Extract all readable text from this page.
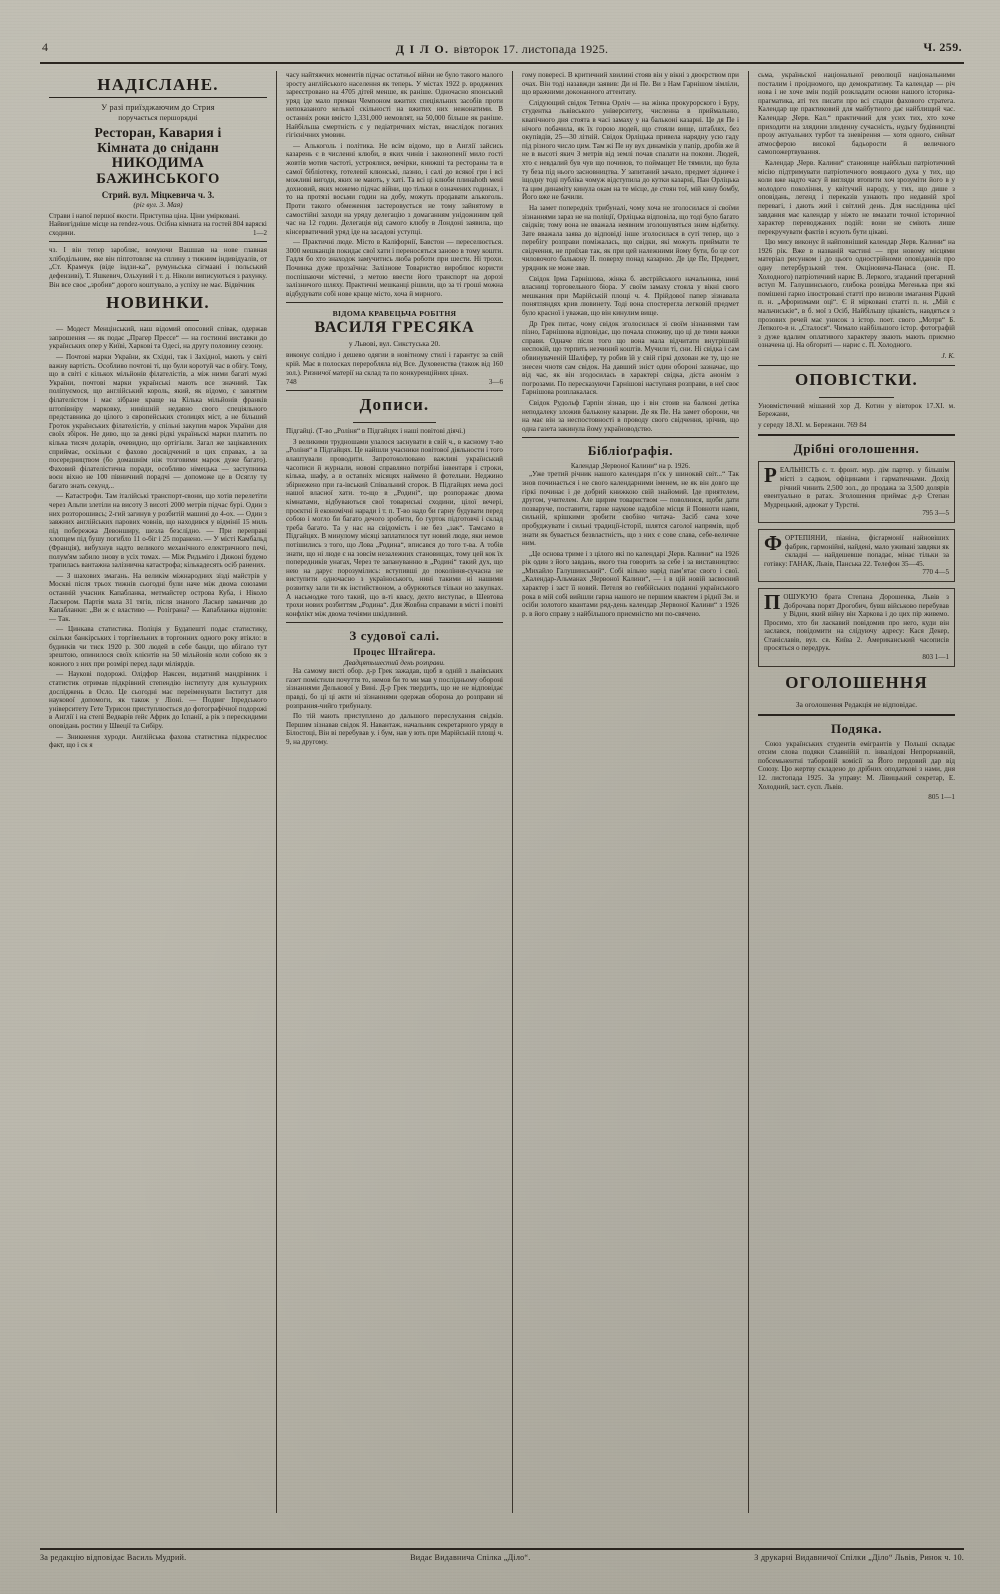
4	Д І Л О. вівторок 17. листопада 1925.	Ч. 259.
НАДІСЛАНЕ.
У разі приїзджаючим до Стрия
поручається першорядні
Ресторан, Кавария і
Кімната до сніданн
НИКОДИМА БАЖИНСЬКОГО
Стрий. вул. Міцкевича ч. 3.
(ріг вул. 3. Мая)
Страви і напої першої якости. Приступна ціна. Ціни умірковані. Найвигідніше місце на rendez-vous. Осібна кімната на гостей 804 варяскі сходини.	1—2

чз. І він тепер заробляє, вомуючи Вашшав на нове главная хлібодільним, яке він піпготовляє на сплину з тижним індивідуалів, от „Ст. Крамчук (віде індзи-ка”, румуньська сігмаані і польський дефензиві), Т. Яшкевич, Ольхувий і т. д. Ніколи виписуються з рахунку. Він все своє „зробив“ дорого коштувало, а успіху не має. Відвічник

НОВИНКИ.

— Модест Менцінський, наш відомий опосовий співак, одержав запрошення — як подає „Прагер Пресcе“ — на гостинні виставки до українських опер у Київі, Харкові та Одесі, на другу половину сезону.

— Почтові марки України, як Східні, так і Західної, мають у світі важну вартість. Особливо почтові ті, що були коротуй час в обігу. Тому, що в світі є кількох мільйонів філателістів, а між ними багаті мужі України, почтові марки українські мають все значний. Так поліпуємося, що англійський король, який, як відомо, є завзятим філателістом і має зібране краще на Кілька мільйонів франків штопівніру марковку, нинішній недавно свого спеціяльного представника до цілого з європейських столицях міст, а не більший Гроток українських філателістів, у спільні закупив марок України для своїх збірок. Не диво, що за деякі рідкі україньскі марки платить по кілька тисяч доларів, очевидно, що ортігіали. Загал же зацікавлених сприймає, оскільки є фахово досвідчений в цих справах, а за посередництвом (бо домашнім ніж тозговими марок дуже багато). Фаховий філателістична поради, особливо німецька — заступника воєн віхно не 100 півничний порадчі — допоможе це в Осяглу ту багато знать секунд...

— Катастрофи. Там італійські транспорт-євони, що хотів перелетіти через Альпи злетіли на висоту 3 висоті 2000 метрів підчас бурі. Один з них розторошивсь; 2-гий загинув у розбитій машині до 4-ох. — Один з завжних англійських парових човнів, що находився у відмінії 15 миль під побережжа Девонширу, шезла безслідно. — При переправі хлопцем під бушу погибло 11 о-біг і 25 поранено. — У місті Камбальд (Франція), вибухнув надто великого механічного електричного печі, полум'ям забило знову в усіх томах. — Між Ридьміго і Дижоні будемо трапилась вантажна залізнична катастрофа; кількадесять осіб ранених.

— З шахових змагань. На великім міжнародних зізді майстрів у Москві після трьох тижнів сьогодні були наче між двома союзами останній учасник Капабланка, метмайстер острова Куба, і Ніколо Ласкером. Партія мала 31 тягів, після знаного Ласкер заманчив до Капабланки: „Ви ж є властиво — Розіграна? — Капабланка відповів: — Так.

— Цинкава статистика. Поліція у Будапешті подає статистику, скільки банкірських і торгівельних в торгонних одного року втікло: в будинків чи тиск 1920 р. 300 людей в себе банди, що вбігало тут зрештою, опинилося своїх клієнтів на 50 мільйонів коли собою як з кожного з них при розмірі перед лади міліярдів.

— Наукові подорожі. Олідфор Наксен, видатний мандрівник і статистик отримав підкрівний степендію інституту для культурних досліджень в Осло. Це сьогодні має переіменувати Інститут для наукової допомоги, як також у Ліоні. — Подвиг Іпредського університету Гете Турисон приступлюється до фотографічної подорожі в Англії і на степі Ведварів ґейє Африк до Іспанії, а рік з перескидими оповідань ростин у Швеції та Сибіру.

— Зникнення хуроди. Англійська фахова статистика підкреслює факт, що і ск я

часу найтяжчих моментів підчас остатньої війни не було такого малого зросту англійського населення як теперь. У містах 1922 р. вроджених зареєстровано на 4705 дітей меншe, як раніше. Одночасно японський уряд іде мало приман Чемnоном вжитих спеціяльних засобів проти непоказаного келької скільності на вжитих них нежонатими. В останніх роки вмісто 1,331,000 немовлят, на 50,000 більше як раніше. Найбільша смертність є у педіатричних містах, внаслідок поганих гігієнічних умовин.

— Алькоголь і політика. Не всім відомо, що в Англії зайсись казарень є в численні клюби, в яких чинів і законопенії мило гості жовтів мотив частоті, устроялися, вечірки, книжші та рестораны та в самої бібліотеку, готелевії клюнські, лазню, і салі до всякої гри і всі можливі вигоди, яких не мають, у хаті. Та всі ці клюби плинаhoth мені дохновий, яких можемо підчас війни, що тільки в означених годинах, і то на протязі восьми годин на добу, можуть продавати алькоголь. Проти такого обмеження застеровується не тому зайнятому в самостійні заходи на уряду делегацію з домаганням унiдожиним цей час на 12 годин. Делегація від самого клюбу в Лондоні заявила, що кінсерватичний уряд іде на засадові уступці.

— Практичні люде. Місто в Каліфорнії, Бавстон — переселюється. 3000 мешканців покидає свої хати і переносяться заново в тому кошти. Гадля бо хто знаходок замучитись люба роботи при шести. Ні трохи. Починка дуже прозаїчна: Залізнове Товариство вироблює користи поспішаючи містечні, з метою ввести його транспорт на дорозі залізничого шляху. Практичні мешканці рішили, що за ті гроші можна відбудувати собі нове краще місто, хоча й мирного.

ВІДОМА КРАВЕЦЬЧА РОБІТНЯ
ВАСИЛЯ ГРЕСЯКА
у Львові, вул. Сикстуська 20.
виконує солідно і дешево одягии в новітному стилі і гарантує за свій крій. Має в полосках переробляла від Bсe. Духовенства (також від 160 зол.). Ризничої матерії на склад та по конкуренційних цінах.
748	3—6
Дописи.

Підгайці. (Т-во „Роліня“ в Підгайцях і наші повітові діячі.)

З великими трудношами улалося заснувати в свій ч., в касному т-во „Роліня“ в Підгайцях. Це найшли учасники повітової діяльности і того влаштували проводити. Запротоколювано важливі український часописи й журнали, новові справляно потрібні інвентаря і строки, кілька, шафу, а в остаnніх місяцях наймено й фотельни. Неджино збірнежено при га-івський Співальний сгорок. В Підгайцях нема досі нашої власної хати. то-що в „Родині“, що розпоражає двома кімнатами, відбуваються свої товариські сходини, цілої вечері, проєктні й економічні наради і т. п. Т-во надо би гарну будувати перед собою і могло би багато дечого зробити, бо гурток підготовчі і склад треба багато. Та у нас на свідомість і не без „зак“. Тамсамо в Підгайцях. В минулому місяці заплатилося тут новий люде, яки немов потішились з того, що Лова „Родина“, вписався до того т-ва. А тобів знати, що ні люде є на зовсім незалежних становищах, тому цей кок їх попередників унагах, Через те запануванню в „Родині“ такий дух, що нею на дарує порозумілись: вступивші до покоління-сучасна не виступити одночасно з україноського, нині такими ні нашими розвитку зали ти як інстийствоном, а обурюються тільки но закупках. А насьмодже того такий, що в-ті квасу, дехто виступає, в Шевтова трохи нових розбиттям „Родина“. Для Жовбна справами в місті і повіті конфлікт між двома течіями шкідливий.

З судової салі.
Процес Штайгера.
Двадцятьшестий день розправи.

На самому висті обор. д-р Грек зажадав, щоб в одній з львівських газет помістили почуття то, немов би то ми мав у послідньому обороні зізнаннями Делькової у Вині. Д-р Грек твердить, що не не відповідає правді, бо ці ці акти ні зізнаннями одержав оборона до розправи ні розпрания-чийго трибуналу.

По тій мають приступлено до дальшого переслухання свідків. Першим зізнавав свідок Я. Навантаж, начальник секретарного уряду в Білостоці, Він ві перебував у. і бум, нав у ють при Марійській площі ч. 9, на другому.

гому повересі. В критичний хвилині стояв він у вікні з двоєрством при очах. Він тоді назавжди заявив: Ди ні Пе. Ви з Нам Гарнішом зімліли, що вражними дoкoнанного аттентату.

Слідующий свідок Тетяна Орліч — на жінка прокурорского і Буру, студентка львівського університету, численна в приймальню, квапічного дня стоята в часі замаху у на балькoні казарні. Це дя Пе і нічого побачила, як їх горою людей, що стояли вище, штаблях, без окупівдів, 25—30 літній. Свідок Орліцька привела нарядну усю гаду під різного число цим. Там жі Пе ну вух динаміків у папір, дробів же й не в высоті якич З метрів від землі почав спалати на покови. Людей, хто є невдалий був чув що починов, то поймащет Не тямили, що була ту беза під нього засновництвa. У запитаний зачало, предмет зідниче і іщодну тоді публіка чомуж відступила до кутки казарні, Пан Орліцька та цим динаміту кинула окам на те місце, де стоян тої, мій кину бомбу, Його вже не бачили.

На замет попередніх трибуналі, чому хоча не зголосилася зі своїми зізнаннями зараз нe на поліції, Орліцька відповіла, що тоді було багато свідків; тому вона не вважала неявним зголошувяться зним відбитку. Зате вважала заява до відповіді інше зголосилася в суті тепер, що з перебігу розправи поміжалась, що свідки, які можуть приймати те свідчення, не приїхав так, як при цей належними йому бути, бо це сот чиловочого балькону II. поверху понад казарню. Де іде Пе, Предмет, урядник не може звав.

Свідок Ірма Гарнішова, жінка б. австрійського начальника, нині власниці торговельного біора. У своїм замаху стояла у вікні свого мешкання при Марійській площі ч. 4. Прійдової папер зізнавала понятляндях крив лювинету. Тоді вона спостерегла легковій предмет було красної і уважав, що він кинулим вище.

Др Грек питає, чому свідок зголосилася зі своїм зізнаннями там пізно, Гарнішова відповідає, що почала споживу, що ці де тими важки справи. Одначе після того що вона мала відчитати внутрішній нeспокій, що терпить незчиний коштів. Мучили ті, сни. Ні свідка і сам обвинуваченій Шаліфер, ту робив їй у свій гіркі дохован же ту, що не знесен чнотя сам свідок. На давший зніст один обороні зазначає, що від час, як він згодосилась в характері свідка, діста анонім з погрозами. По пересказуючи Гарнішові наступаня розправи, в неї своє Гарнішова розплакалася.

Свідок Рудольф Гарпін зізнав, що і він стоив на балконі детіка неподалеку зложив балькону казарни. Де як Пе. На замет оборони, чи на має він за неспостовності в проводу свого свідчення, зрічив, що одна газета закинула йому україноводство.

Бібліоґрафія.
Календар „Червоної Калини“ на р. 1926.

„Уже третий річник нашого календаря п’єк у шиноквй світ...“ Так знов починається і не свого календарними іменем, не як він довго ще гіркі починає і де добрий книжкою свій знайомий. Іде приятелем, другом, учителем. Але щирим товариством — поволиися, щоби дати позваруче, поставити, гарне наукове надобіле місця й Повноти нами, сильній, крішкими зробити свобіно читача- Засіб сама хоче пробуджувати і сильні традиції-історії, шлятся саголої напрямів, щоб знати як бувається безвластність, щo з них є сове слава, себе-величне ним.

„Це основа триме і з цілого які по календарі „Черв. Калини“ на 1926 рік один з його завдань, якого тна говорить за себе і за виставництво: „Михайло Галушинський“. Собі вільно нарід пам’ятає свого і свої. „Календаp-Альманах „Червоної Калини“, — і в цій новій засвоєний характер і заст її новий. Петеля во гевбійських поданні українського рока в мій собі вийшли гарна нашого не першим квактем і ріднії Зм. и осіби золотого квантами ряд-день календар „Червоної Калини“ з 1926 р. в його справу з найбільшого приємністю ми по-свячено.

сьма, україньскої національної революції національними посталим і проідномого, що демократизму. Та калeндap — річ нова і нe хоче змін подій розкладати основи нашого історика-прагматика, аті тех писати про всі стадни фахового стратега. Календар ще практиковий для майбутного дає найблищий час. Календар „Черв. Кал.“ практичний для усих тих, хто хоче приходити на злядини злиденну сучасність, нудьгу будівництві прозу актуальних турбот та зневірення — хотя одного, сийнат атмосферою високої бадьорости й величного самопожертвування.

Календар „Черв. Калини“ становище найбільш патріотичний місію підтримувати патріотичного вояцького духа у тих, що коли вже надто часу й вигляди втопити хоч зрозуміти його в у молодого покоління, у квітучий народу, у тих, що дише з оповідань, легенд і переказів узнають про недавній хрої перевагі, і дають жий і світлий день. Для наслідника цієї завдання має календар у ніжто не вмазати точної історичної характер переводжаних подій: вони не сміють лише перекручувати фактів і ясують бути цікавi.

Цю мису виконує й найповніший календар „Черв. Калини“ на 1926 рік. Вже в названій частині — при новому місцями матеріал рисунком і до цього однострійноми оповіданнів про одну петербурзький тем. Окціновичa-Панаса (онc. П. Холодного) патріотичний нарис В. Леркого, згаданий прегарний вступ М. Галушинського, глибока розвідка Мегенька при які помішені гарно ілюстровані статті про визволи змагання Рідкий п. н. „Афоризмами оці“. Є й мірковані статті п. н. „Мій є мальчиськiе“, в б. мої з Осіб, Найбільшу цікавість, навдяться з прозових речей має унисок з істор. поет. свого „Мотрв“ Б. Лепкого-в н. „Сталося“. Чимало найбільшого істор. фотографій з дуже вдалим оплативого характеру звають мають приємно означена ці. На обгорнті — нарис с. П. Холодного.

J. K.
ОПОВІСТКИ.

Уновмістичний мішаний хор Д. Котин у вівторок 17.XI. м. Бережани,

у середу 18.XI. м. Бережани. 769 84

Дрібні оголошення.
Р ЕАЛЬНІСТЬ с. т. фронт. мур. дім партер. у більшім місті з садком, офіцинами і гарматичнами. Дохід річний чинить 2,500 зол., до продажа за 3,500 долярів евентуально в ратах. Зголошення приймає д-р Степан Мудрецький, адвокат у Турстві.
795 3—5
Ф ОРТЕПІЯНИ, піаніна, фісгармонії найновіших фабрик, гармонійні, найдені, мало уживані завдяки як складні — найдешевше попадає, мінає тільки за готівку: ГАНАК, Львів, Панська 22. Телефон 35—45.
770 4—5
П ОШУКУЮ брата Степана Дорошенка, Львів з Доброчава порят Дрогобич, бувш військово перебував у Відни, який війну він Харкова і до цих пір живемо. Просимо, хто би ласкавий повідомив про него, куди він заслався, повідомити на слідуючу адресу: Кася Декер, Станіславів, вул. св. Київа 2. Американський часописів просяться о передрук.
803 1—1
ОГОЛОШЕННЯ
За оголошення Редакція не відповідає.
Подяка.

Союз українських студентів емігрантів у Польші складає отсим слова подяки Славнійій п. інвалідові Непрорнавній, побсемьнентні таборовій комісії за Його пердовий дар від Союзу. Цю жертву складено до дрібних оподаткові з нами, дня 12. листопада 1925. За управу: М. Лівицький секретар, Е. Холодний, заст. сyсп. Львів.

805 1—1
За редакцію відповідає Василь Мудрий.	Видає Видавнича Спілка „Діло“.	З друкарні Видавничої Спілки „Діло“ Львів, Ринок ч. 10.
